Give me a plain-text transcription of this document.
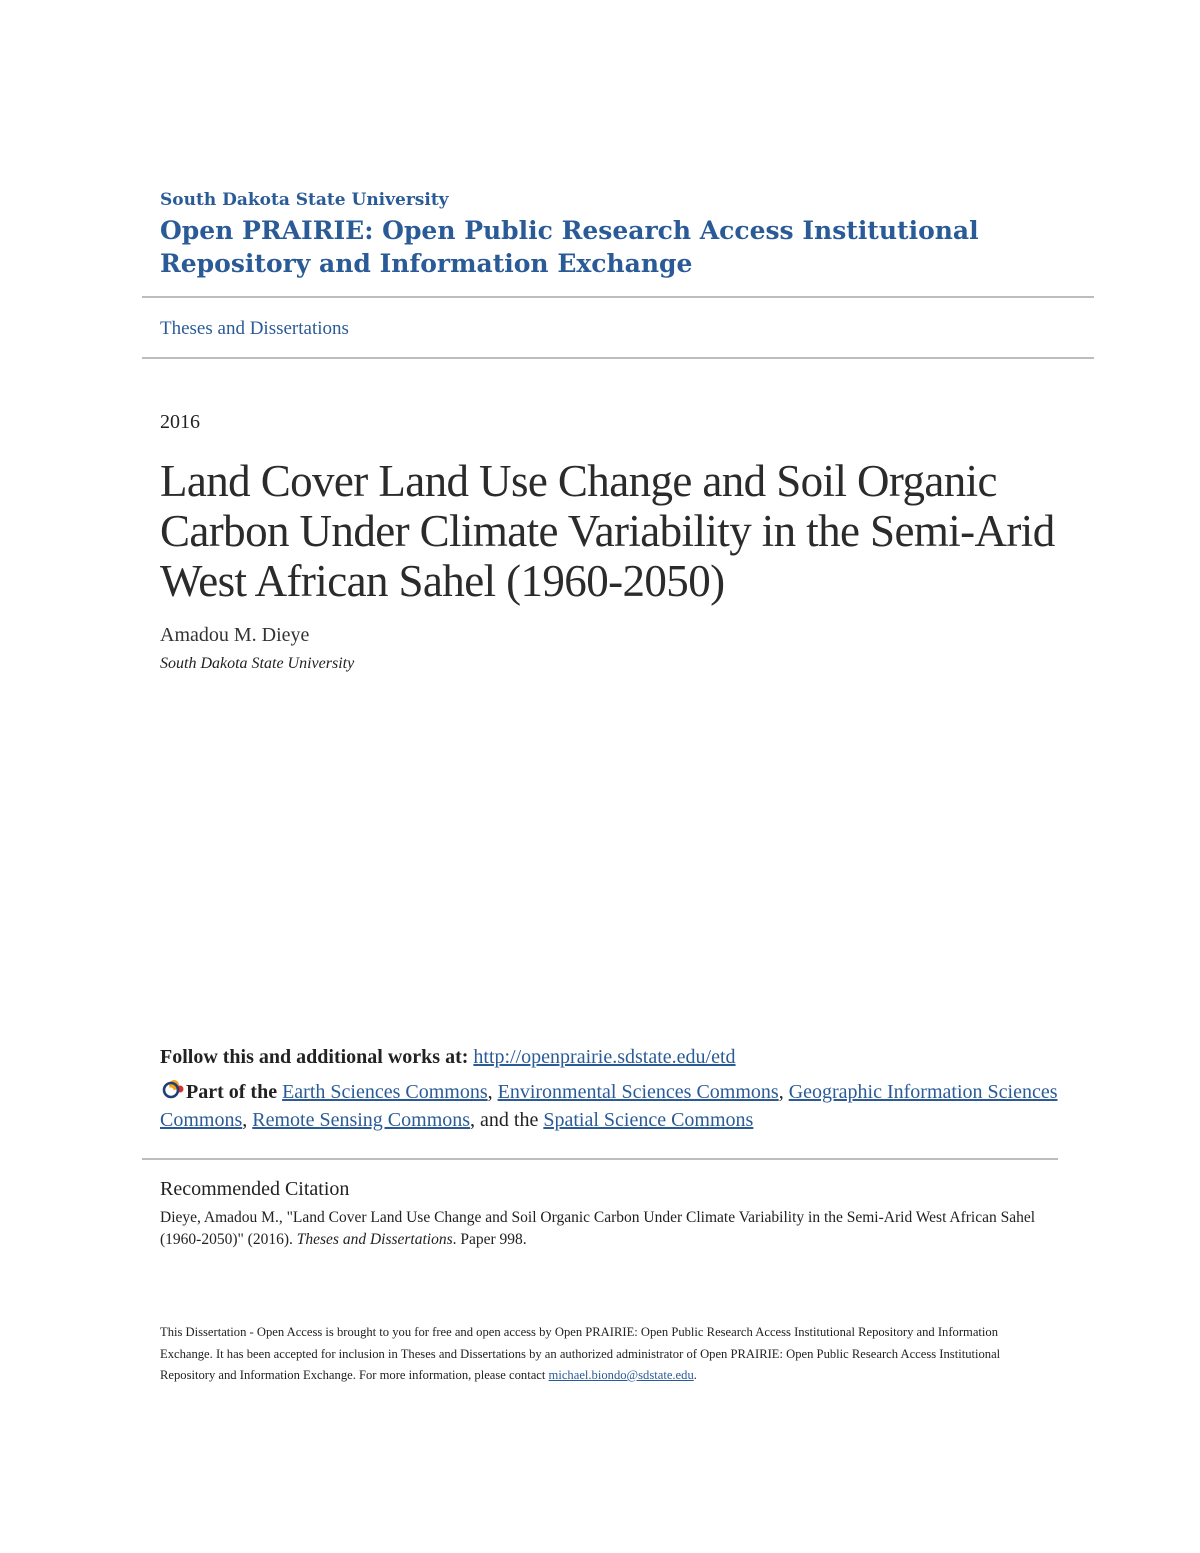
South Dakota State University
Open PRAIRIE: Open Public Research Access Institutional Repository and Information Exchange
Theses and Dissertations
2016
Land Cover Land Use Change and Soil Organic Carbon Under Climate Variability in the Semi-Arid West African Sahel (1960-2050)
Amadou M. Dieye
South Dakota State University
Follow this and additional works at: http://openprairie.sdstate.edu/etd
Part of the Earth Sciences Commons, Environmental Sciences Commons, Geographic Information Sciences Commons, Remote Sensing Commons, and the Spatial Science Commons
Recommended Citation
Dieye, Amadou M., "Land Cover Land Use Change and Soil Organic Carbon Under Climate Variability in the Semi-Arid West African Sahel (1960-2050)" (2016). Theses and Dissertations. Paper 998.
This Dissertation - Open Access is brought to you for free and open access by Open PRAIRIE: Open Public Research Access Institutional Repository and Information Exchange. It has been accepted for inclusion in Theses and Dissertations by an authorized administrator of Open PRAIRIE: Open Public Research Access Institutional Repository and Information Exchange. For more information, please contact michael.biondo@sdstate.edu.
